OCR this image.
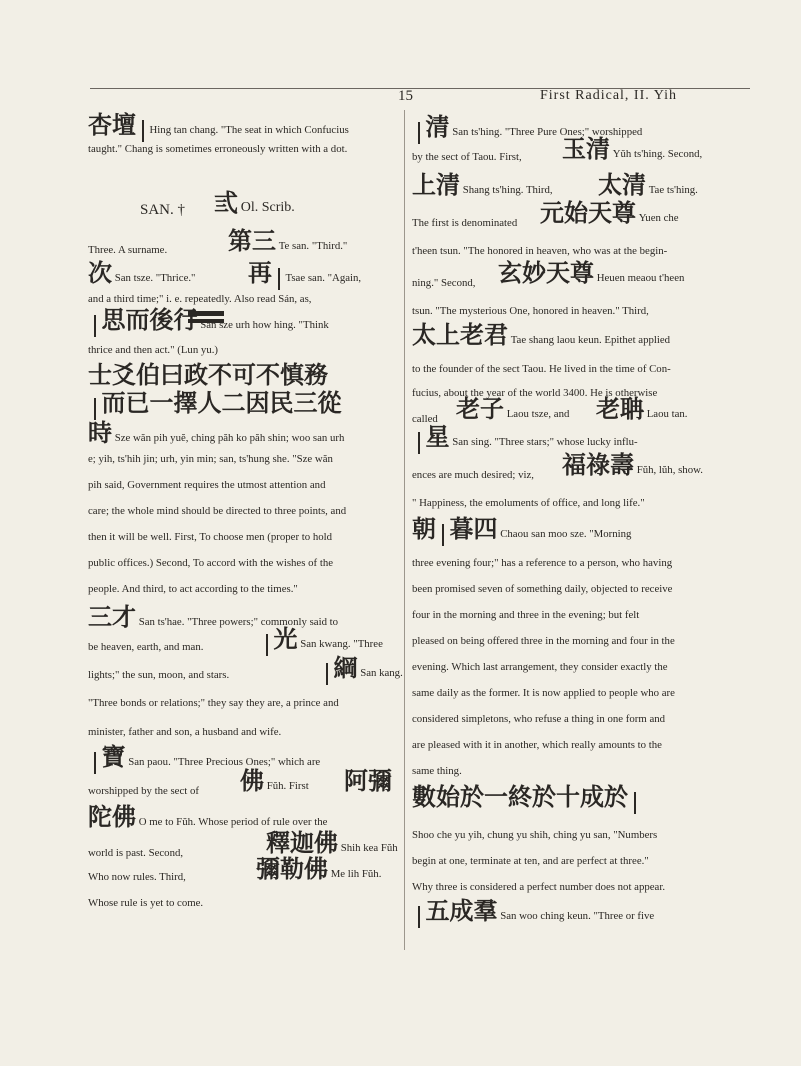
15	First Radical, II. Yih
杏壇 Hing tan chang. "The seat in which Confucius
taught." Chang is sometimes erroneously written with a dot.
SAN. † 弎 Ol. Scrib.
Three. A surname.	第三 Te san. "Third."
次 San tsze. "Thrice." 再 Tsae san. "Again,
and a third time;" i. e. repeatedly. Also read Sán, as,
思而後行 Sán sze urh how hing. "Think
thrice and then act." (Lun yu.)
士爻伯曰政不可不慎務
而已一擇人二因民三從
時 Sze wăn pih yuĕ, ching păh ko păh shin; woo san urh
e; yih, ts'hih jin; urh, yin min; san, ts'hung she. "Sze wăn
pih said, Government requires the utmost attention and
care; the whole mind should be directed to three points, and
then it will be well. First, To choose men (proper to hold
public offices.) Second, To accord with the wishes of the
people. And third, to act according to the times."
三才 San ts'hae. "Three powers;" commonly said to
be heaven, earth, and man.	光 San kwang. "Three
lights;" the sun, moon, and stars.	綱 San kang.
"Three bonds or relations;" they say they are, a prince and
minister, father and son, a husband and wife.
寶 San paou. "Three Precious Ones;" which are
worshipped by the sect of 佛 Fŭh. First 阿彌
陀佛 O me to Fŭh. Whose period of rule over the
world is past. Second,	釋迦佛 Shih kea Fŭh
Who now rules. Third,	彌勒佛 Me lih Fŭh.
Whose rule is yet to come.
清 San ts'hing. "Three Pure Ones;" worshipped
by the sect of Taou. First, 玉清 Yŭh ts'hing. Second,
上清 Shang ts'hing. Third, 太清 Tae ts'hing.
The first is denominated 元始天尊 Yuen che
t'heen tsun. "The honored in heaven, who was at the begin-
ning." Second, 玄妙天尊 Heuen meaou t'heen
tsun. "The mysterious One, honored in heaven." Third,
太上老君 Tae shang laou keun. Epithet applied
to the founder of the sect Taou. He lived in the time of Con-
fucius, about the year of the world 3400. He is otherwise
called 老子 Laou tsze, and 老聃 Laou tan.
星 San sing. "Three stars;" whose lucky influ-
ences are much desired; viz, 福祿壽 Fŭh, lŭh, show.
" Happiness, the emoluments of office, and long life."
朝 暮四 Chaou san moo sze. "Morning
three evening four;" has a reference to a person, who having
been promised seven of something daily, objected to receive
four in the morning and three in the evening; but felt
pleased on being offered three in the morning and four in the
evening. Which last arrangement, they consider exactly the
same daily as the former. It is now applied to people who are
considered simpletons, who refuse a thing in one form and
are pleased with it in another, which really amounts to the
same thing.
數始於一終於十成於
Shoo che yu yih, chung yu shih, ching yu san, "Numbers
begin at one, terminate at ten, and are perfect at three."
Why three is considered a perfect number does not appear.
五成羣 San woo ching keun. "Three or five
